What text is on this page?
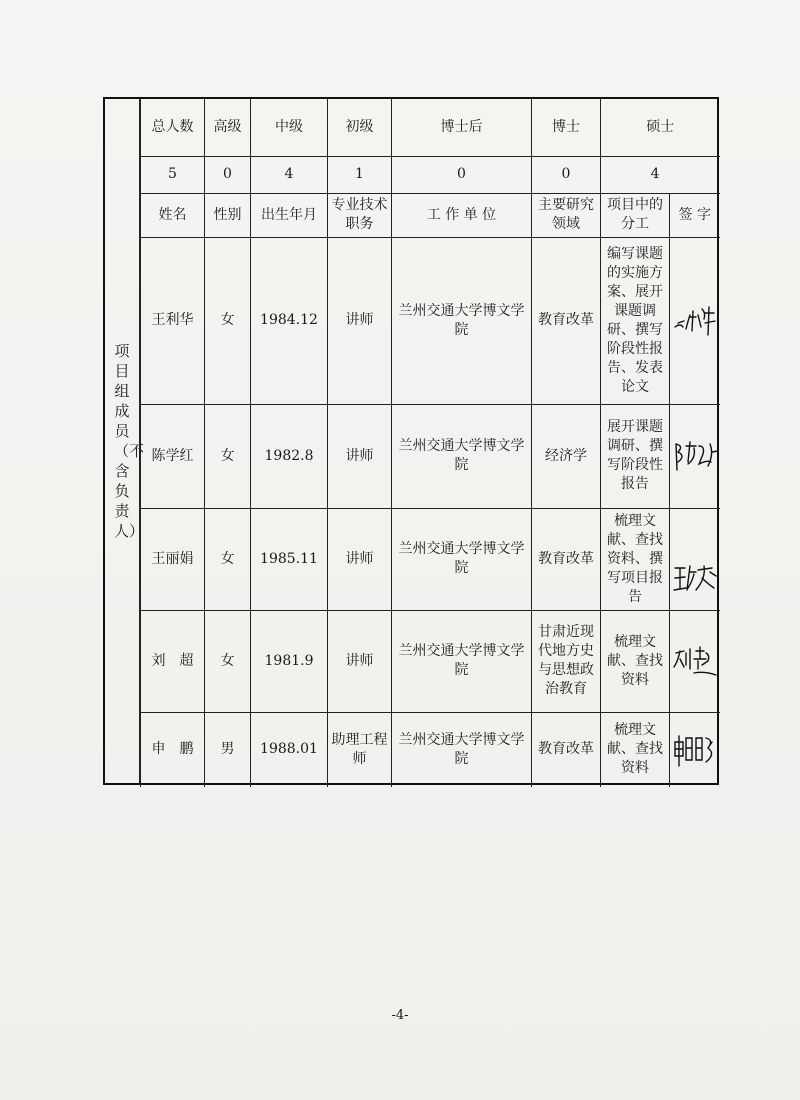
项目组成员（不含负责人）
总人数	高级	中级	初级	博士后	博士	硕士	
5	0	4	1	0	0	4	
姓名	性别	出生年月	专业技术职务	工 作 单 位	主要研究领域	项目中的分工	签 字
王利华	女	1984.12	讲师	兰州交通大学博文学院	教育改革	编写课题的实施方案、展开课题调研、撰写阶段性报告、发表论文	

陈学红	女	1982.8	讲师	兰州交通大学博文学院	经济学	展开课题调研、撰写阶段性报告	

王丽娟	女	1985.11	讲师	兰州交通大学博文学院	教育改革	梳理文献、查找资料、撰写项目报告	

刘　超	女	1981.9	讲师	兰州交通大学博文学院	甘肃近现代地方史与思想政治教育	梳理文献、查找资料	

申　鹏	男	1988.01	助理工程师	兰州交通大学博文学院	教育改革	梳理文献、查找资料	
-4-
